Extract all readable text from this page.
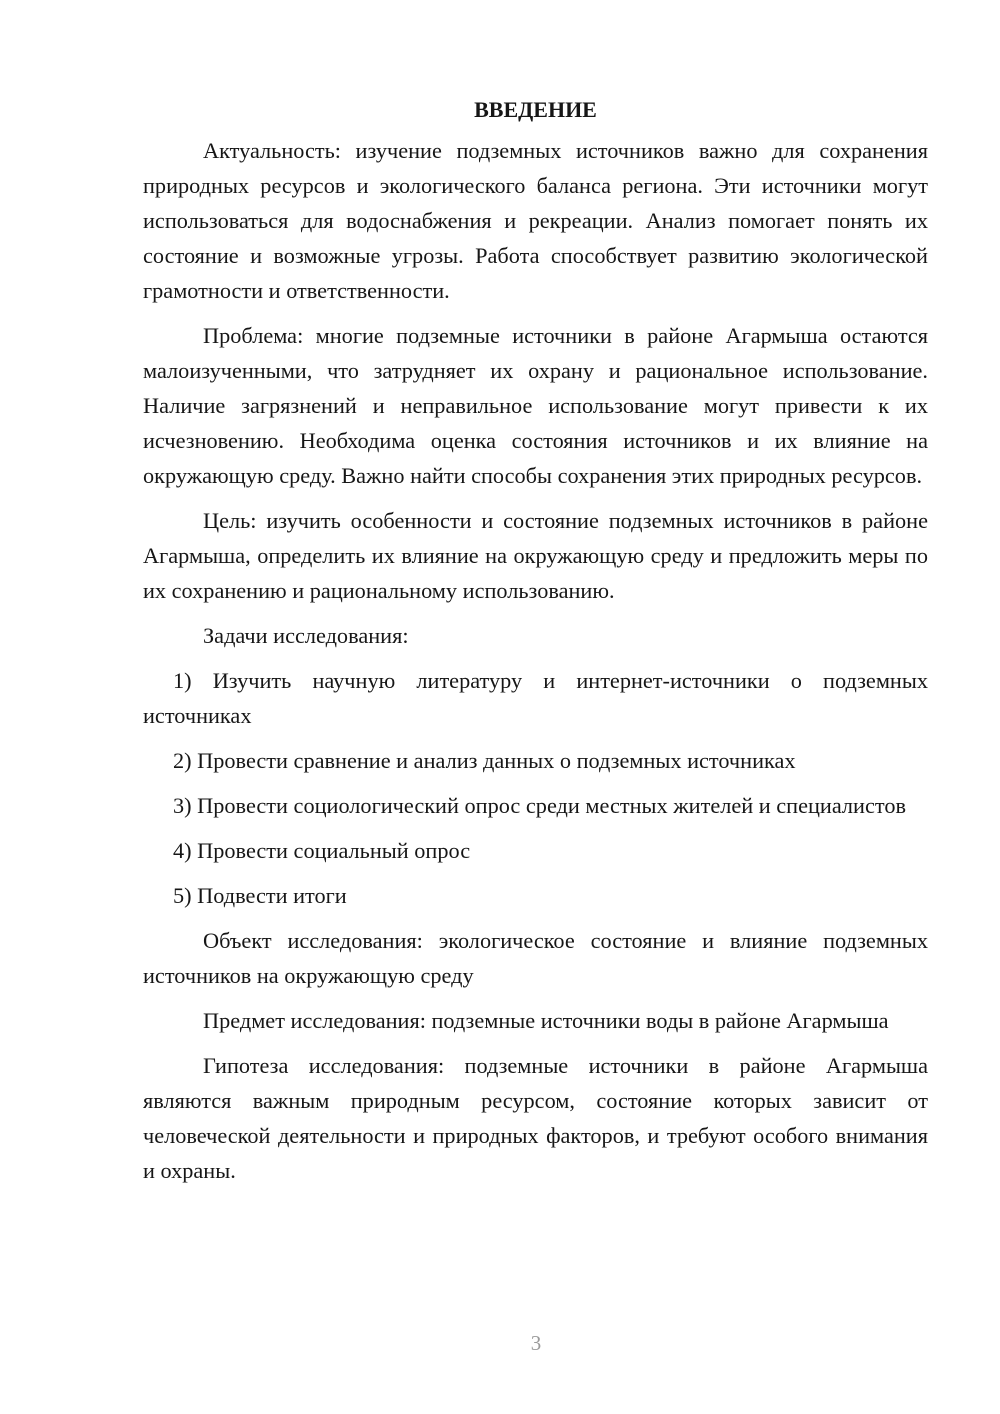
ВВЕДЕНИЕ

Актуальность: изучение подземных источников важно для сохранения природных ресурсов и экологического баланса региона. Эти источники могут использоваться для водоснабжения и рекреации. Анализ помогает понять их состояние и возможные угрозы. Работа способствует развитию экологической грамотности и ответственности.

Проблема: многие подземные источники в районе Агармыша остаются малоизученными, что затрудняет их охрану и рациональное использование. Наличие загрязнений и неправильное использование могут привести к их исчезновению. Необходима оценка состояния источников и их влияние на окружающую среду. Важно найти способы сохранения этих природных ресурсов.

Цель: изучить особенности и состояние подземных источников в районе Агармыша, определить их влияние на окружающую среду и предложить меры по их сохранению и рациональному использованию.

Задачи исследования:

1) Изучить научную литературу и интернет-источники о подземных источниках

2) Провести сравнение и анализ данных о подземных источниках

3) Провести социологический опрос среди местных жителей и специалистов

4) Провести социальный опрос

5) Подвести итоги

Объект исследования: экологическое состояние и влияние подземных источников на окружающую среду

Предмет исследования: подземные источники воды в районе Агармыша

Гипотеза исследования: подземные источники в районе Агармыша являются важным природным ресурсом, состояние которых зависит от человеческой деятельности и природных факторов, и требуют особого внимания и охраны.

3
